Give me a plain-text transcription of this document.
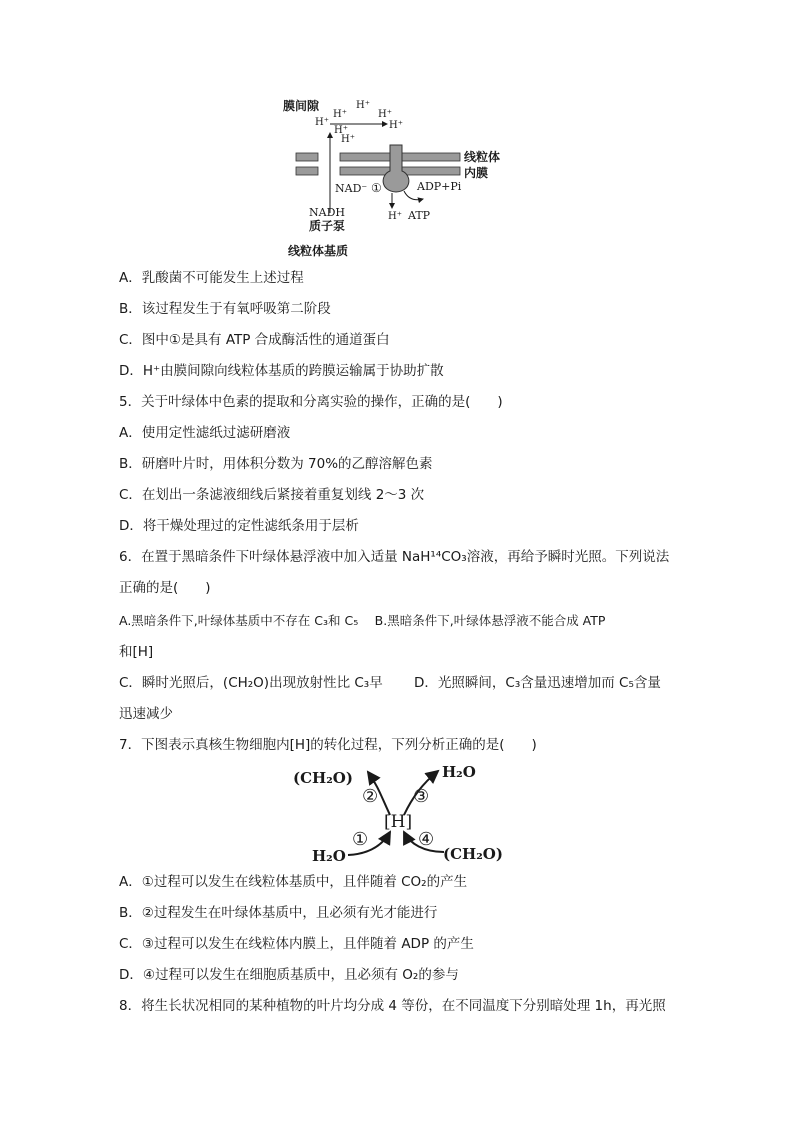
膜间隙
H⁺
H⁺
H⁺
H⁺
H⁺
H⁺
H⁺
线粒体
内膜
NAD⁻ ①	ADP+Pi
H⁺ ATP
NADH
质子泵
线粒体基质
A．乳酸菌不可能发生上述过程
B．该过程发生于有氧呼吸第二阶段
C．图中①是具有 ATP 合成酶活性的通道蛋白
D．H⁺由膜间隙向线粒体基质的跨膜运输属于协助扩散
5．关于叶绿体中色素的提取和分离实验的操作，正确的是(　　)
A．使用定性滤纸过滤研磨液
B．研磨叶片时，用体积分数为 70%的乙醇溶解色素
C．在划出一条滤液细线后紧接着重复划线 2～3 次
D．将干燥处理过的定性滤纸条用于层析
6．在置于黑暗条件下叶绿体悬浮液中加入适量 NaH¹⁴CO₃溶液，再给予瞬时光照。下列说法
正确的是(　　)
A.黑暗条件下,叶绿体基质中不存在 C₃和 C₅　 B.黑暗条件下,叶绿体悬浮液不能合成 ATP
和[H]
C．瞬时光照后，(CH₂O)出现放射性比 C₃早　　 D．光照瞬间，C₃含量迅速增加而 C₅含量
迅速减少
7．下图表示真核生物细胞内[H]的转化过程，下列分析正确的是(　　)
(CH₂O)	H₂O
② ③
[H]
①	④
H₂O	(CH₂O)
A．①过程可以发生在线粒体基质中，且伴随着 CO₂的产生
B．②过程发生在叶绿体基质中，且必须有光才能进行
C．③过程可以发生在线粒体内膜上，且伴随着 ADP 的产生
D．④过程可以发生在细胞质基质中，且必须有 O₂的参与
8．将生长状况相同的某种植物的叶片均分成 4 等份，在不同温度下分别暗处理 1h，再光照
